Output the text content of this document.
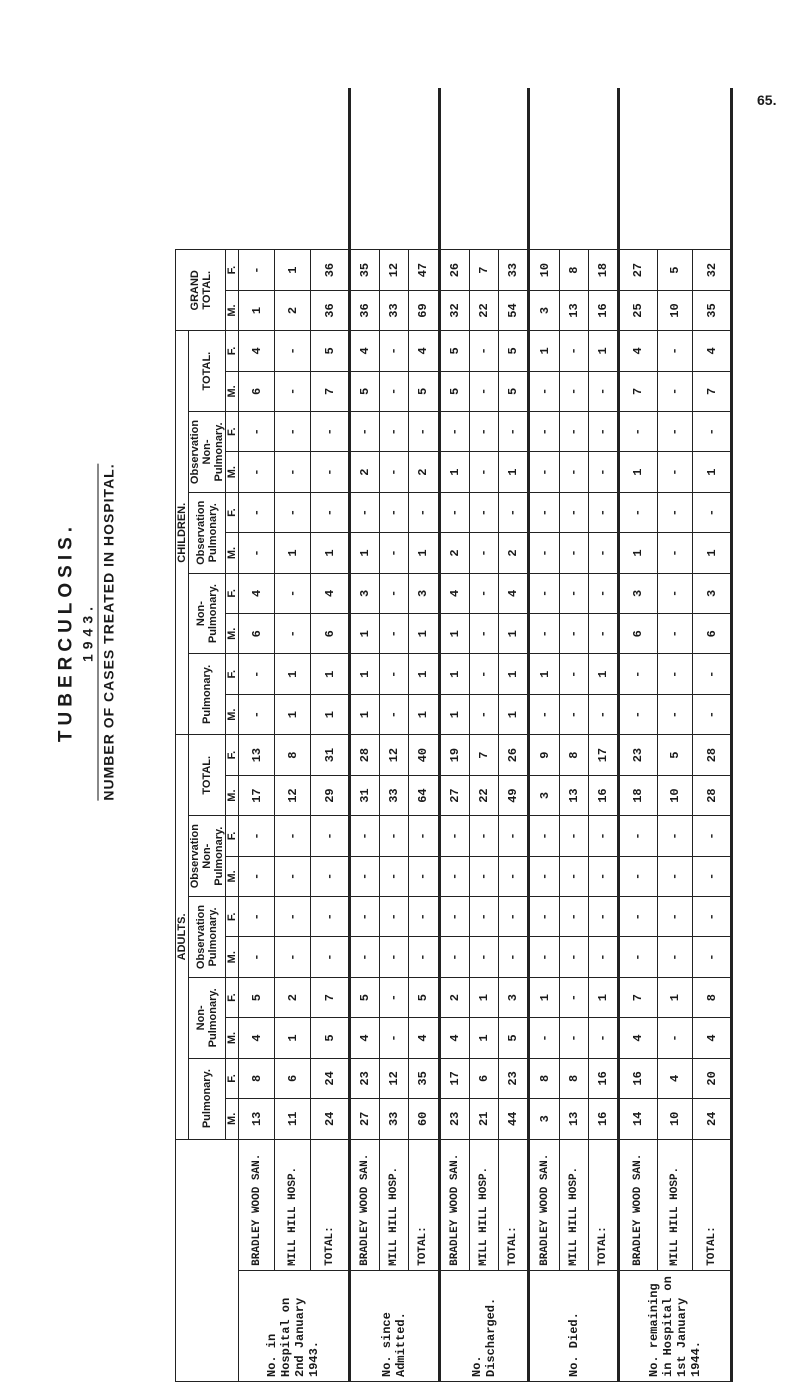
65.
TUBERCULOSIS. 1943. NUMBER OF CASES TREATED IN HOSPITAL.
		ADULTS.										CHILDREN.										GRAND TOTAL.	
		Pulmonary.		Non- Pulmonary.		Observation Pulmonary.		Observation Non- Pulmonary.		TOTAL.		Pulmonary.		Non- Pulmonary.		Observation Pulmonary.		Observation Non- Pulmonary.		TOTAL.			
		M.	F.	M.	F.	M.	F.	M.	F.	M.	F.	M.	F.	M.	F.	M.	F.	M.	F.	M.	F.	M.	F.
No. in Hospital on 2nd January 1943.	BRADLEY WOOD SAN.	13	8	4	5	-	-	-	-	17	13	-	-	6	4	-	-	-	-	6	4	1	-
	MILL HILL HOSP.	11	6	1	2	-	-	-	-	12	8	1	1	-	-	1	-	-	-	-	-	2	1
	TOTAL:	24	24	5	7	-	-	-	-	29	31	1	1	6	4	1	-	-	-	7	5	36	36
No. since Admitted.	BRADLEY WOOD SAN.	27	23	4	5	-	-	-	-	31	28	1	1	1	3	1	-	2	-	5	4	36	35
	MILL HILL HOSP.	33	12	-	-	-	-	-	-	33	12	-	-	-	-	-	-	-	-	-	-	33	12
	TOTAL:	60	35	4	5	-	-	-	-	64	40	1	1	1	3	1	-	2	-	5	4	69	47
No. Discharged.	BRADLEY WOOD SAN.	23	17	4	2	-	-	-	-	27	19	1	1	1	4	2	-	1	-	5	5	32	26
	MILL HILL HOSP.	21	6	1	1	-	-	-	-	22	7	-	-	-	-	-	-	-	-	-	-	22	7
	TOTAL:	44	23	5	3	-	-	-	-	49	26	1	1	1	4	2	-	1	-	5	5	54	33
No. Died.	BRADLEY WOOD SAN.	3	8	-	1	-	-	-	-	3	9	-	1	-	-	-	-	-	-	-	1	3	10
	MILL HILL HOSP.	13	8	-	-	-	-	-	-	13	8	-	-	-	-	-	-	-	-	-	-	13	8
	TOTAL:	16	16	-	1	-	-	-	-	16	17	-	1	-	-	-	-	-	-	-	1	16	18
No. remaining in Hospital on 1st January 1944.	BRADLEY WOOD SAN.	14	16	4	7	-	-	-	-	18	23	-	-	6	3	1	-	1	-	7	4	25	27
	MILL HILL HOSP.	10	4	-	1	-	-	-	-	10	5	-	-	-	-	-	-	-	-	-	-	10	5
	TOTAL:	24	20	4	8	-	-	-	-	28	28	-	-	6	3	1	-	1	-	7	4	35	32
